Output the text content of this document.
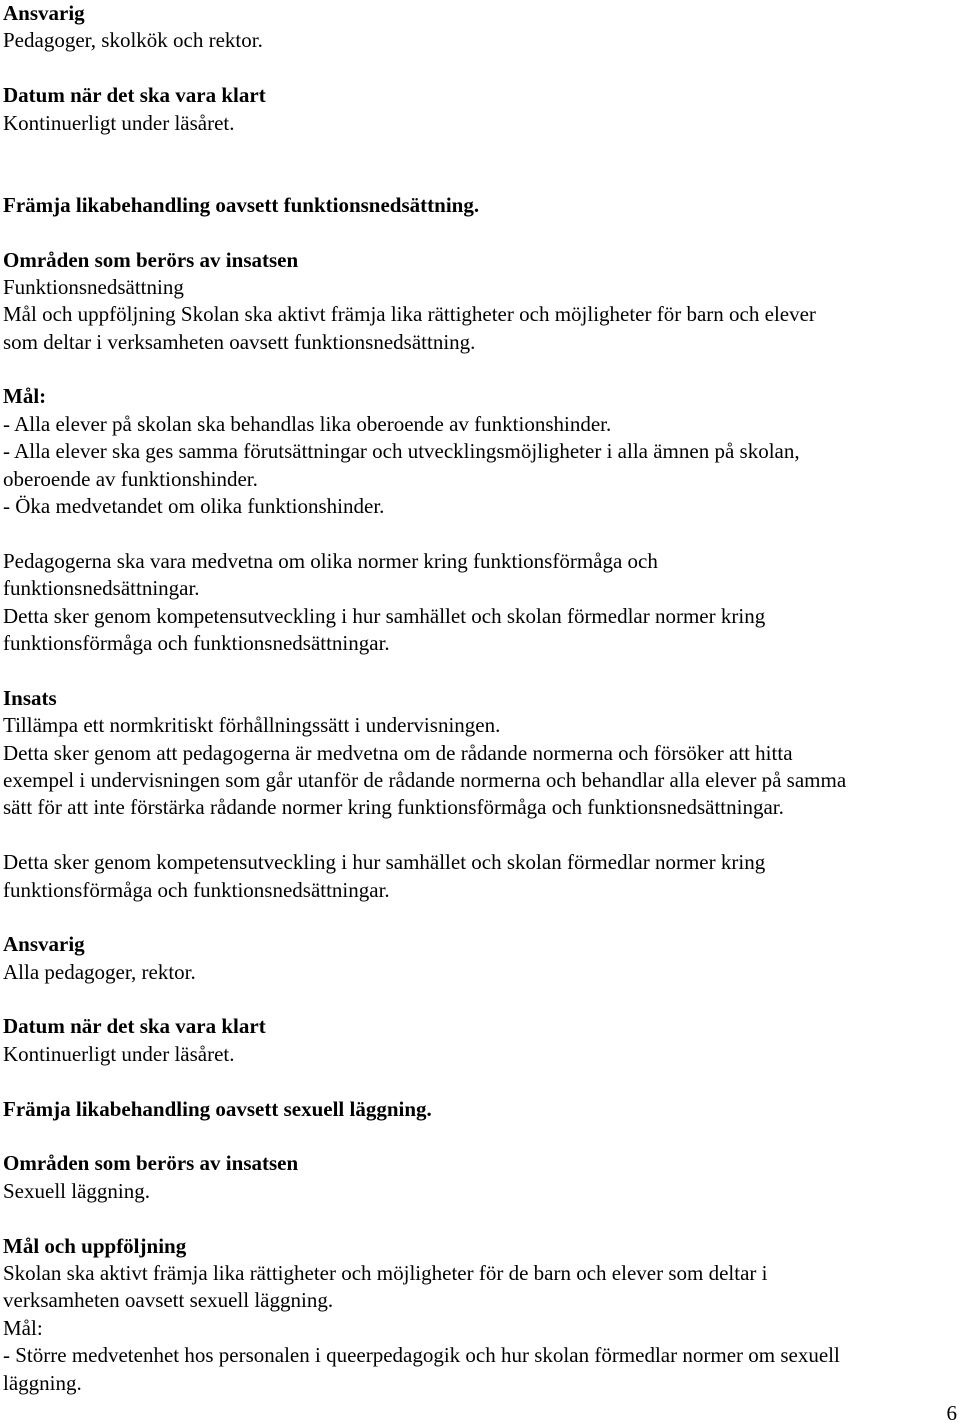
Ansvarig
Pedagoger, skolkök och rektor.
Datum när det ska vara klart
Kontinuerligt under läsåret.
Främja likabehandling oavsett funktionsnedsättning.
Områden som berörs av insatsen
Funktionsnedsättning
Mål och uppföljning Skolan ska aktivt främja lika rättigheter och möjligheter för barn och elever
som deltar i verksamheten oavsett funktionsnedsättning.
Mål:
- Alla elever på skolan ska behandlas lika oberoende av funktionshinder.
- Alla elever ska ges samma förutsättningar och utvecklingsmöjligheter i alla ämnen på skolan,
oberoende av funktionshinder.
- Öka medvetandet om olika funktionshinder.
Pedagogerna ska vara medvetna om olika normer kring funktionsförmåga och
funktionsnedsättningar.
Detta sker genom kompetensutveckling i hur samhället och skolan förmedlar normer kring
funktionsförmåga och funktionsnedsättningar.
Insats
Tillämpa ett normkritiskt förhållningssätt i undervisningen.
Detta sker genom att pedagogerna är medvetna om de rådande normerna och försöker att hitta
exempel i undervisningen som går utanför de rådande normerna och behandlar alla elever på samma
sätt för att inte förstärka rådande normer kring funktionsförmåga och funktionsnedsättningar.
Detta sker genom kompetensutveckling i hur samhället och skolan förmedlar normer kring
funktionsförmåga och funktionsnedsättningar.
Ansvarig
Alla pedagoger, rektor.
Datum när det ska vara klart
Kontinuerligt under läsåret.
Främja likabehandling oavsett sexuell läggning.
Områden som berörs av insatsen
Sexuell läggning.
Mål och uppföljning
Skolan ska aktivt främja lika rättigheter och möjligheter för de barn och elever som deltar i
verksamheten oavsett sexuell läggning.
Mål:
- Större medvetenhet hos personalen i queerpedagogik och hur skolan förmedlar normer om sexuell
läggning.
6
